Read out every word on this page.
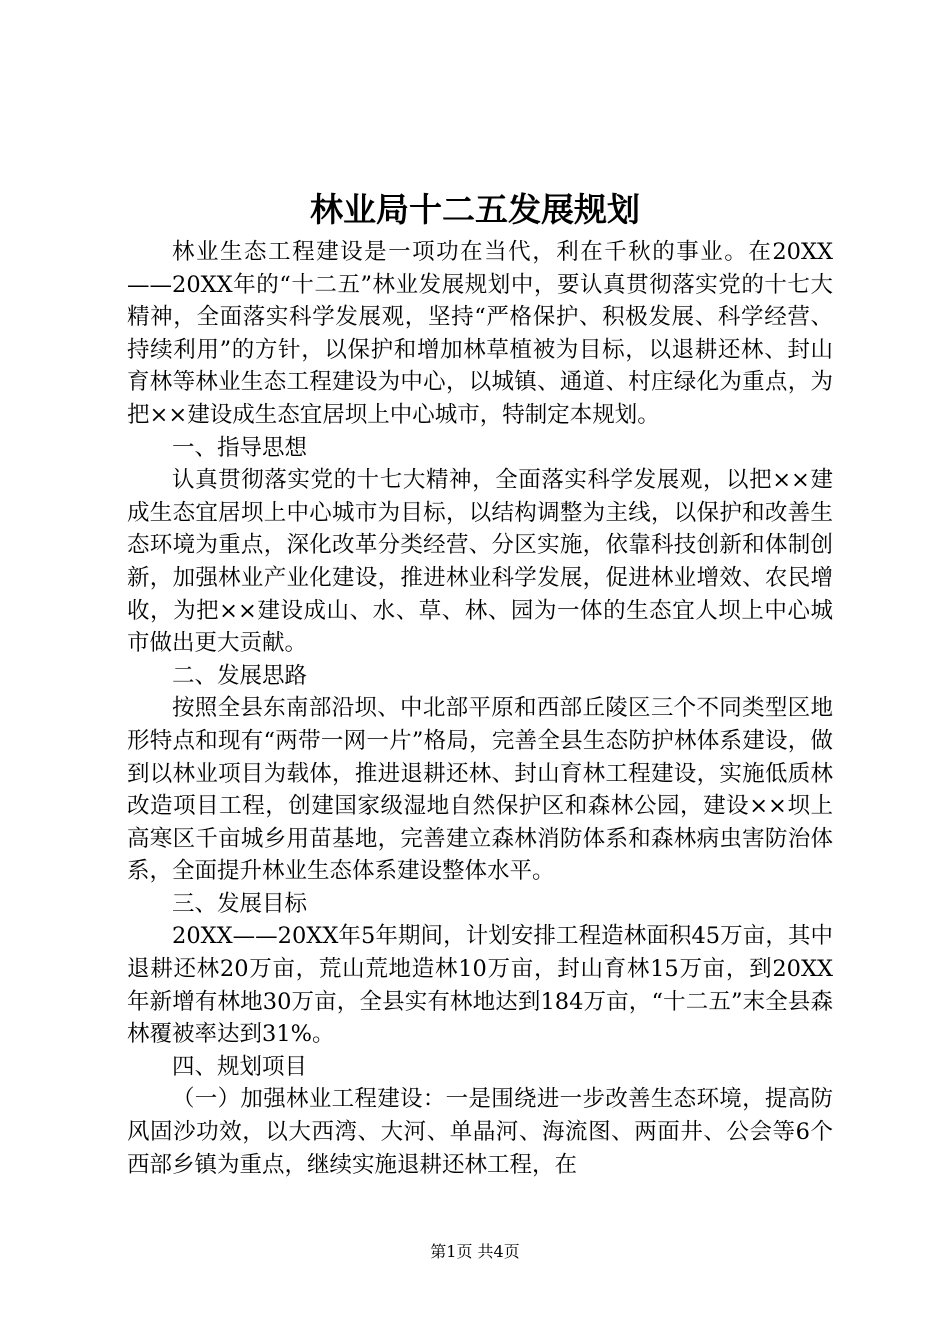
林业局十二五发展规划

林业生态工程建设是一项功在当代，利在千秋的事业。在20XX——20XX年的“十二五”林业发展规划中，要认真贯彻落实党的十七大精神，全面落实科学发展观，坚持“严格保护、积极发展、科学经营、持续利用”的方针，以保护和增加林草植被为目标，以退耕还林、封山育林等林业生态工程建设为中心，以城镇、通道、村庄绿化为重点，为把××建设成生态宜居坝上中心城市，特制定本规划。

一、指导思想

认真贯彻落实党的十七大精神，全面落实科学发展观，以把××建成生态宜居坝上中心城市为目标，以结构调整为主线，以保护和改善生态环境为重点，深化改革分类经营、分区实施，依靠科技创新和体制创新，加强林业产业化建设，推进林业科学发展，促进林业增效、农民增收，为把××建设成山、水、草、林、园为一体的生态宜人坝上中心城市做出更大贡献。

二、发展思路

按照全县东南部沿坝、中北部平原和西部丘陵区三个不同类型区地形特点和现有“两带一网一片”格局，完善全县生态防护林体系建设，做到以林业项目为载体，推进退耕还林、封山育林工程建设，实施低质林改造项目工程，创建国家级湿地自然保护区和森林公园，建设××坝上高寒区千亩城乡用苗基地，完善建立森林消防体系和森林病虫害防治体系，全面提升林业生态体系建设整体水平。

三、发展目标

20XX——20XX年5年期间，计划安排工程造林面积45万亩，其中退耕还林20万亩，荒山荒地造林10万亩，封山育林15万亩，到20XX年新增有林地30万亩，全县实有林地达到184万亩，“十二五”末全县森林覆被率达到31%。

四、规划项目

（一）加强林业工程建设：一是围绕进一步改善生态环境，提高防风固沙功效，以大西湾、大河、单晶河、海流图、两面井、公会等6个西部乡镇为重点，继续实施退耕还林工程，在

第1页 共4页
